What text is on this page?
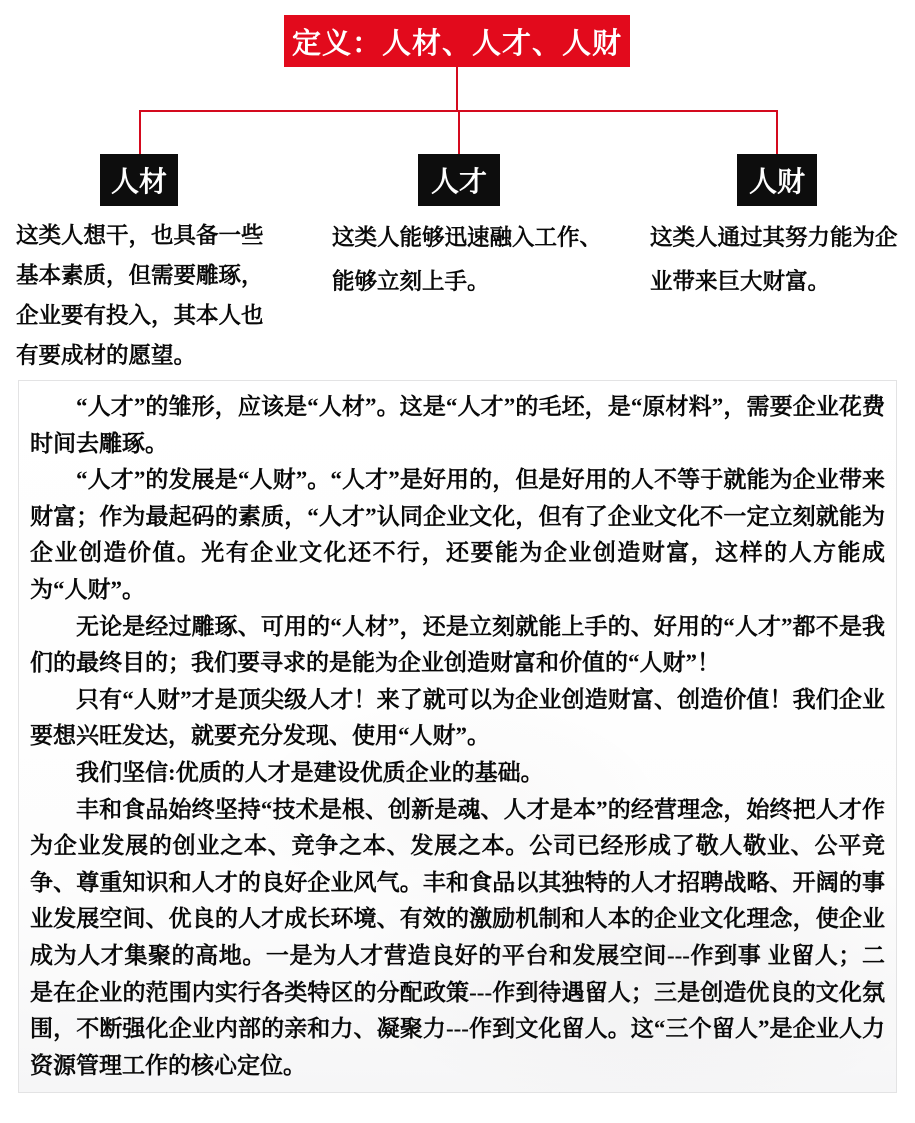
定义：人材、人才、人财
人材	人才	人财
这类人想干，也具备一些基本素质，但需要雕琢，企业要有投入，其本人也有要成材的愿望。
这类人能够迅速融入工作、能够立刻上手。
这类人通过其努力能为企业带来巨大财富。

“人才”的雏形，应该是“人材”。这是“人才”的毛坯，是“原材料”，需要企业花费时间去雕琢。

“人才”的发展是“人财”。“人才”是好用的，但是好用的人不等于就能为企业带来财富；作为最起码的素质，“人才”认同企业文化，但有了企业文化不一定立刻就能为企业创造价值。光有企业文化还不行，还要能为企业创造财富，这样的人方能成为“人财”。

无论是经过雕琢、可用的“人材”，还是立刻就能上手的、好用的“人才”都不是我们的最终目的；我们要寻求的是能为企业创造财富和价值的“人财”！

只有“人财”才是顶尖级人才！来了就可以为企业创造财富、创造价值！我们企业要想兴旺发达，就要充分发现、使用“人财”。

我们坚信:优质的人才是建设优质企业的基础。

丰和食品始终坚持“技术是根、创新是魂、人才是本”的经营理念，始终把人才作为企业发展的创业之本、竞争之本、发展之本。公司已经形成了敬人敬业、公平竞争、尊重知识和人才的良好企业风气。丰和食品以其独特的人才招聘战略、开阔的事业发展空间、优良的人才成长环境、有效的激励机制和人本的企业文化理念，使企业成为人才集聚的高地。一是为人才营造良好的平台和发展空间---作到事 业留人；二是在企业的范围内实行各类特区的分配政策---作到待遇留人；三是创造优良的文化氛围，不断强化企业内部的亲和力、凝聚力---作到文化留人。这“三个留人”是企业人力资源管理工作的核心定位。
